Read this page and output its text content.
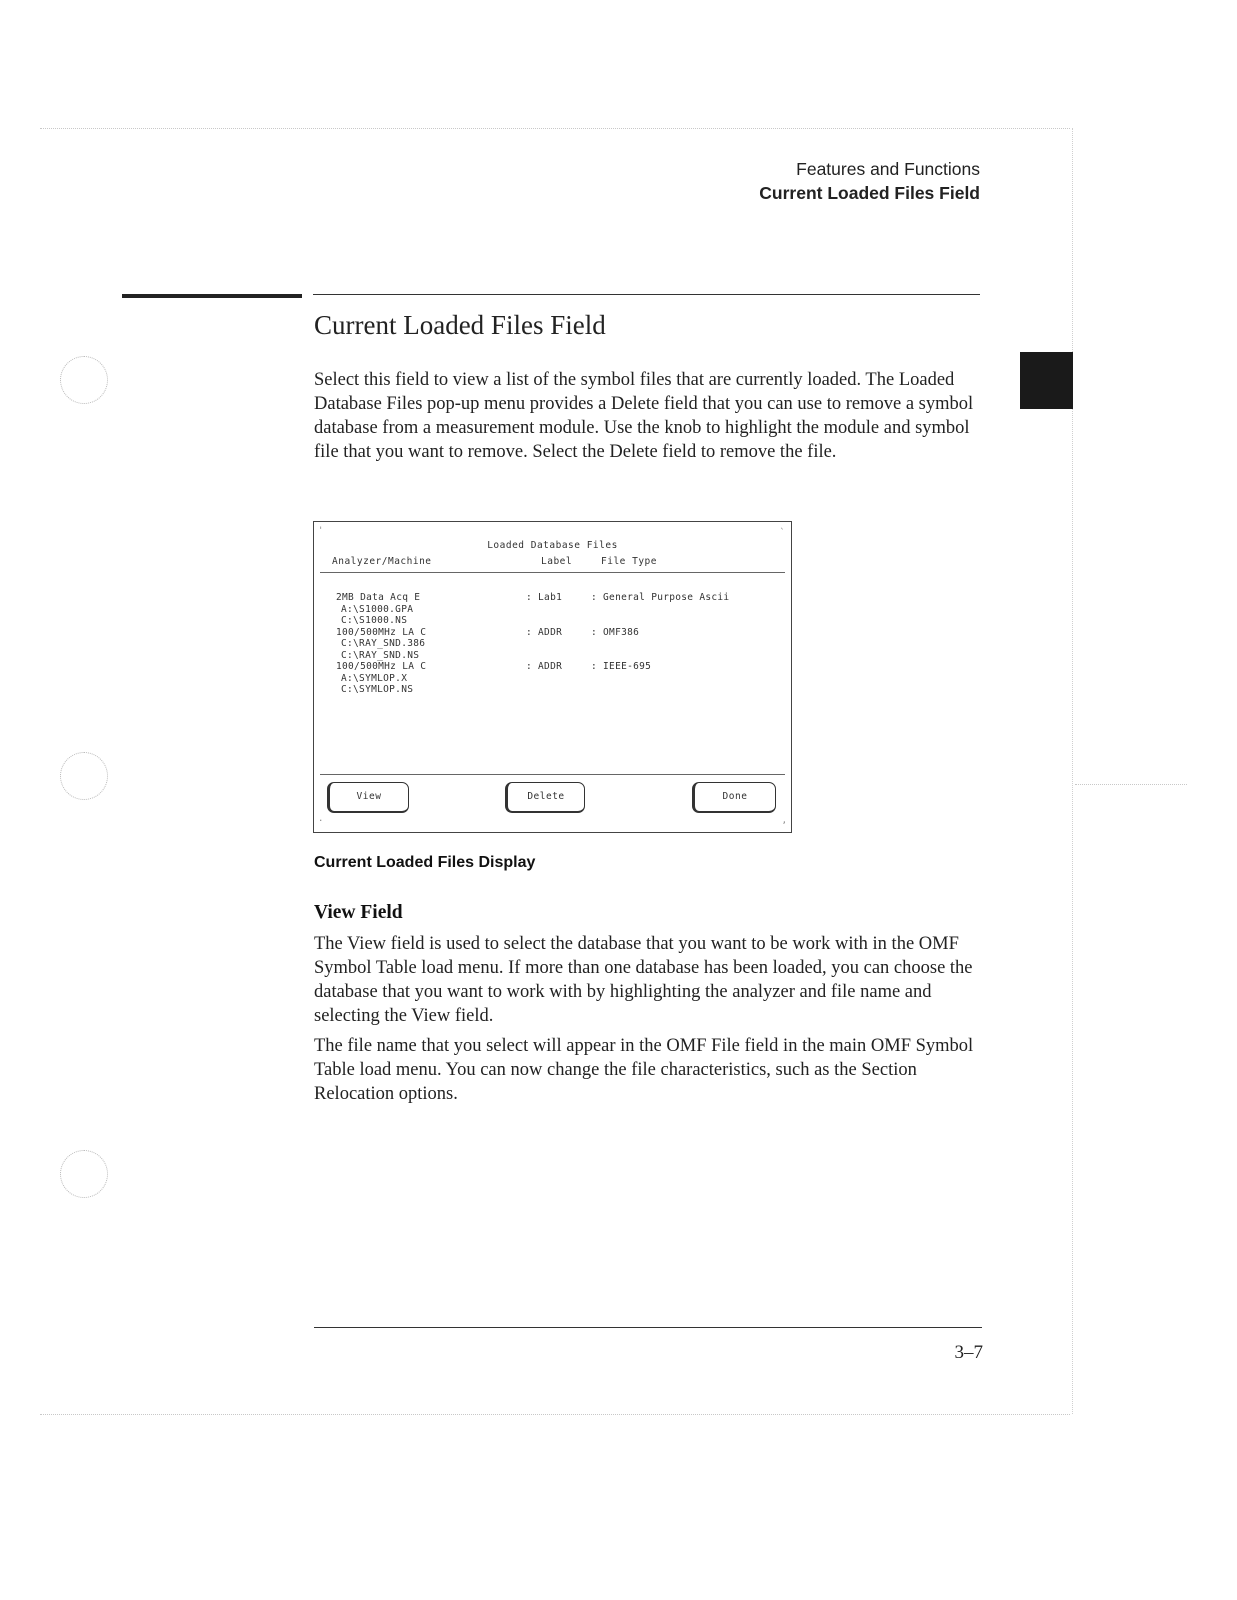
Features and Functions
Current Loaded Files Field
Current Loaded Files Field

Select this field to view a list of the symbol files that are currently loaded. The Loaded Database Files pop-up menu provides a Delete field that you can use to remove a symbol database from a measurement module. Use the knob to highlight the module and symbol file that you want to remove. Select the Delete field to remove the file.

'	`
.	,
Loaded Database Files
Analyzer/Machine	Label	File Type
2MB Data Acq E	: Lab1	: General Purpose Ascii
A:\S1000.GPA
C:\S1000.NS
100/500MHz LA C	: ADDR	: OMF386
C:\RAY_SND.386
C:\RAY_SND.NS
100/500MHz LA C	: ADDR	: IEEE-695
A:\SYMLOP.X
C:\SYMLOP.NS
View	Delete	Done
Current Loaded Files Display
View Field

The View field is used to select the database that you want to be work with in the OMF Symbol Table load menu. If more than one database has been loaded, you can choose the database that you want to work with by highlighting the analyzer and file name and selecting the View field.

The file name that you select will appear in the OMF File field in the main OMF Symbol Table load menu. You can now change the file characteristics, such as the Section Relocation options.

3–7
